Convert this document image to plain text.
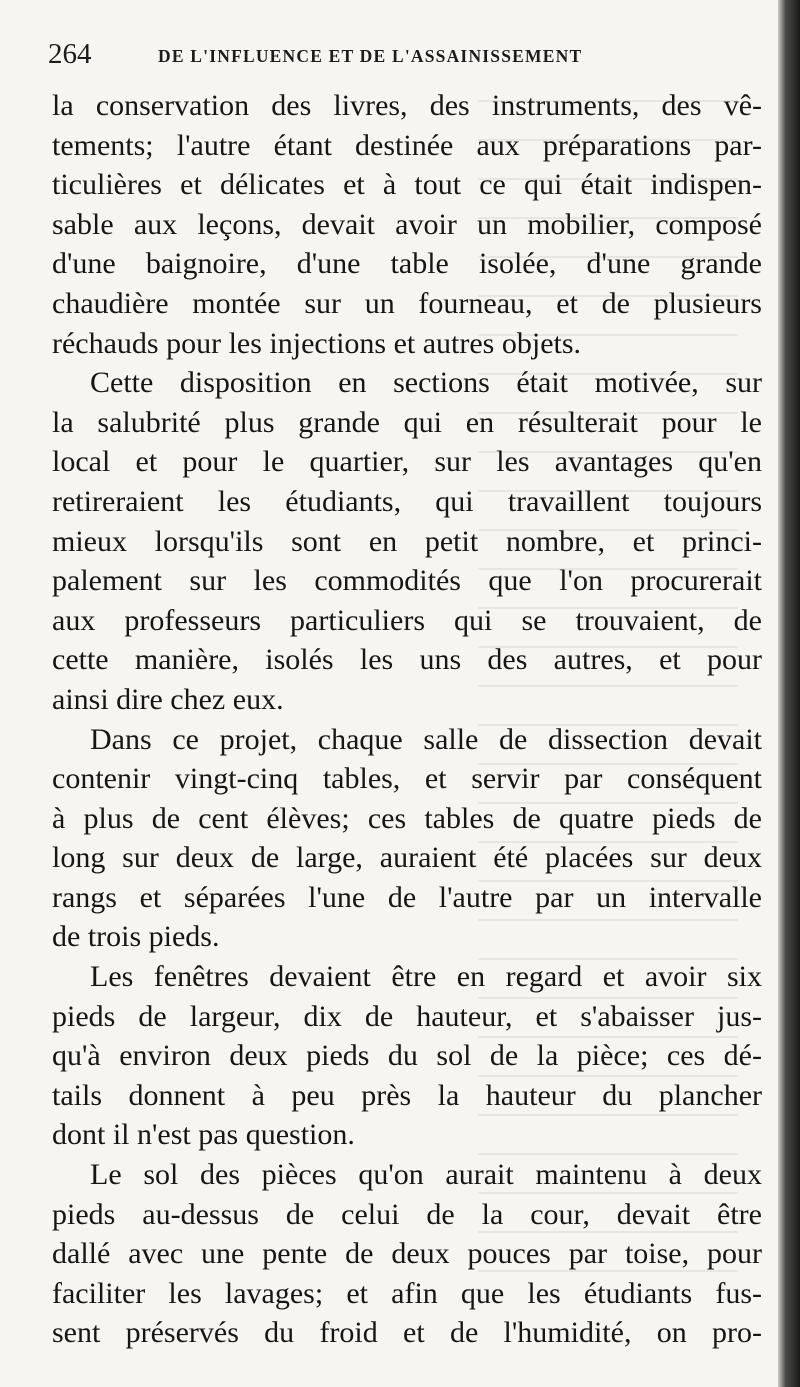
264	DE L'INFLUENCE ET DE L'ASSAINISSEMENT
la conservation des livres, des instruments, des vê-
tements; l'autre étant destinée aux préparations par-
ticulières et délicates et à tout ce qui était indispen-
sable aux leçons, devait avoir un mobilier, composé
d'une baignoire, d'une table isolée, d'une grande
chaudière montée sur un fourneau, et de plusieurs
réchauds pour les injections et autres objets.
Cette disposition en sections était motivée, sur
la salubrité plus grande qui en résulterait pour le
local et pour le quartier, sur les avantages qu'en
retireraient les étudiants, qui travaillent toujours
mieux lorsqu'ils sont en petit nombre, et princi-
palement sur les commodités que l'on procurerait
aux professeurs particuliers qui se trouvaient, de
cette manière, isolés les uns des autres, et pour
ainsi dire chez eux.
Dans ce projet, chaque salle de dissection devait
contenir vingt-cinq tables, et servir par conséquent
à plus de cent élèves; ces tables de quatre pieds de
long sur deux de large, auraient été placées sur deux
rangs et séparées l'une de l'autre par un intervalle
de trois pieds.
Les fenêtres devaient être en regard et avoir six
pieds de largeur, dix de hauteur, et s'abaisser jus-
qu'à environ deux pieds du sol de la pièce; ces dé-
tails donnent à peu près la hauteur du plancher
dont il n'est pas question.
Le sol des pièces qu'on aurait maintenu à deux
pieds au-dessus de celui de la cour, devait être
dallé avec une pente de deux pouces par toise, pour
faciliter les lavages; et afin que les étudiants fus-
sent préservés du froid et de l'humidité, on pro-
